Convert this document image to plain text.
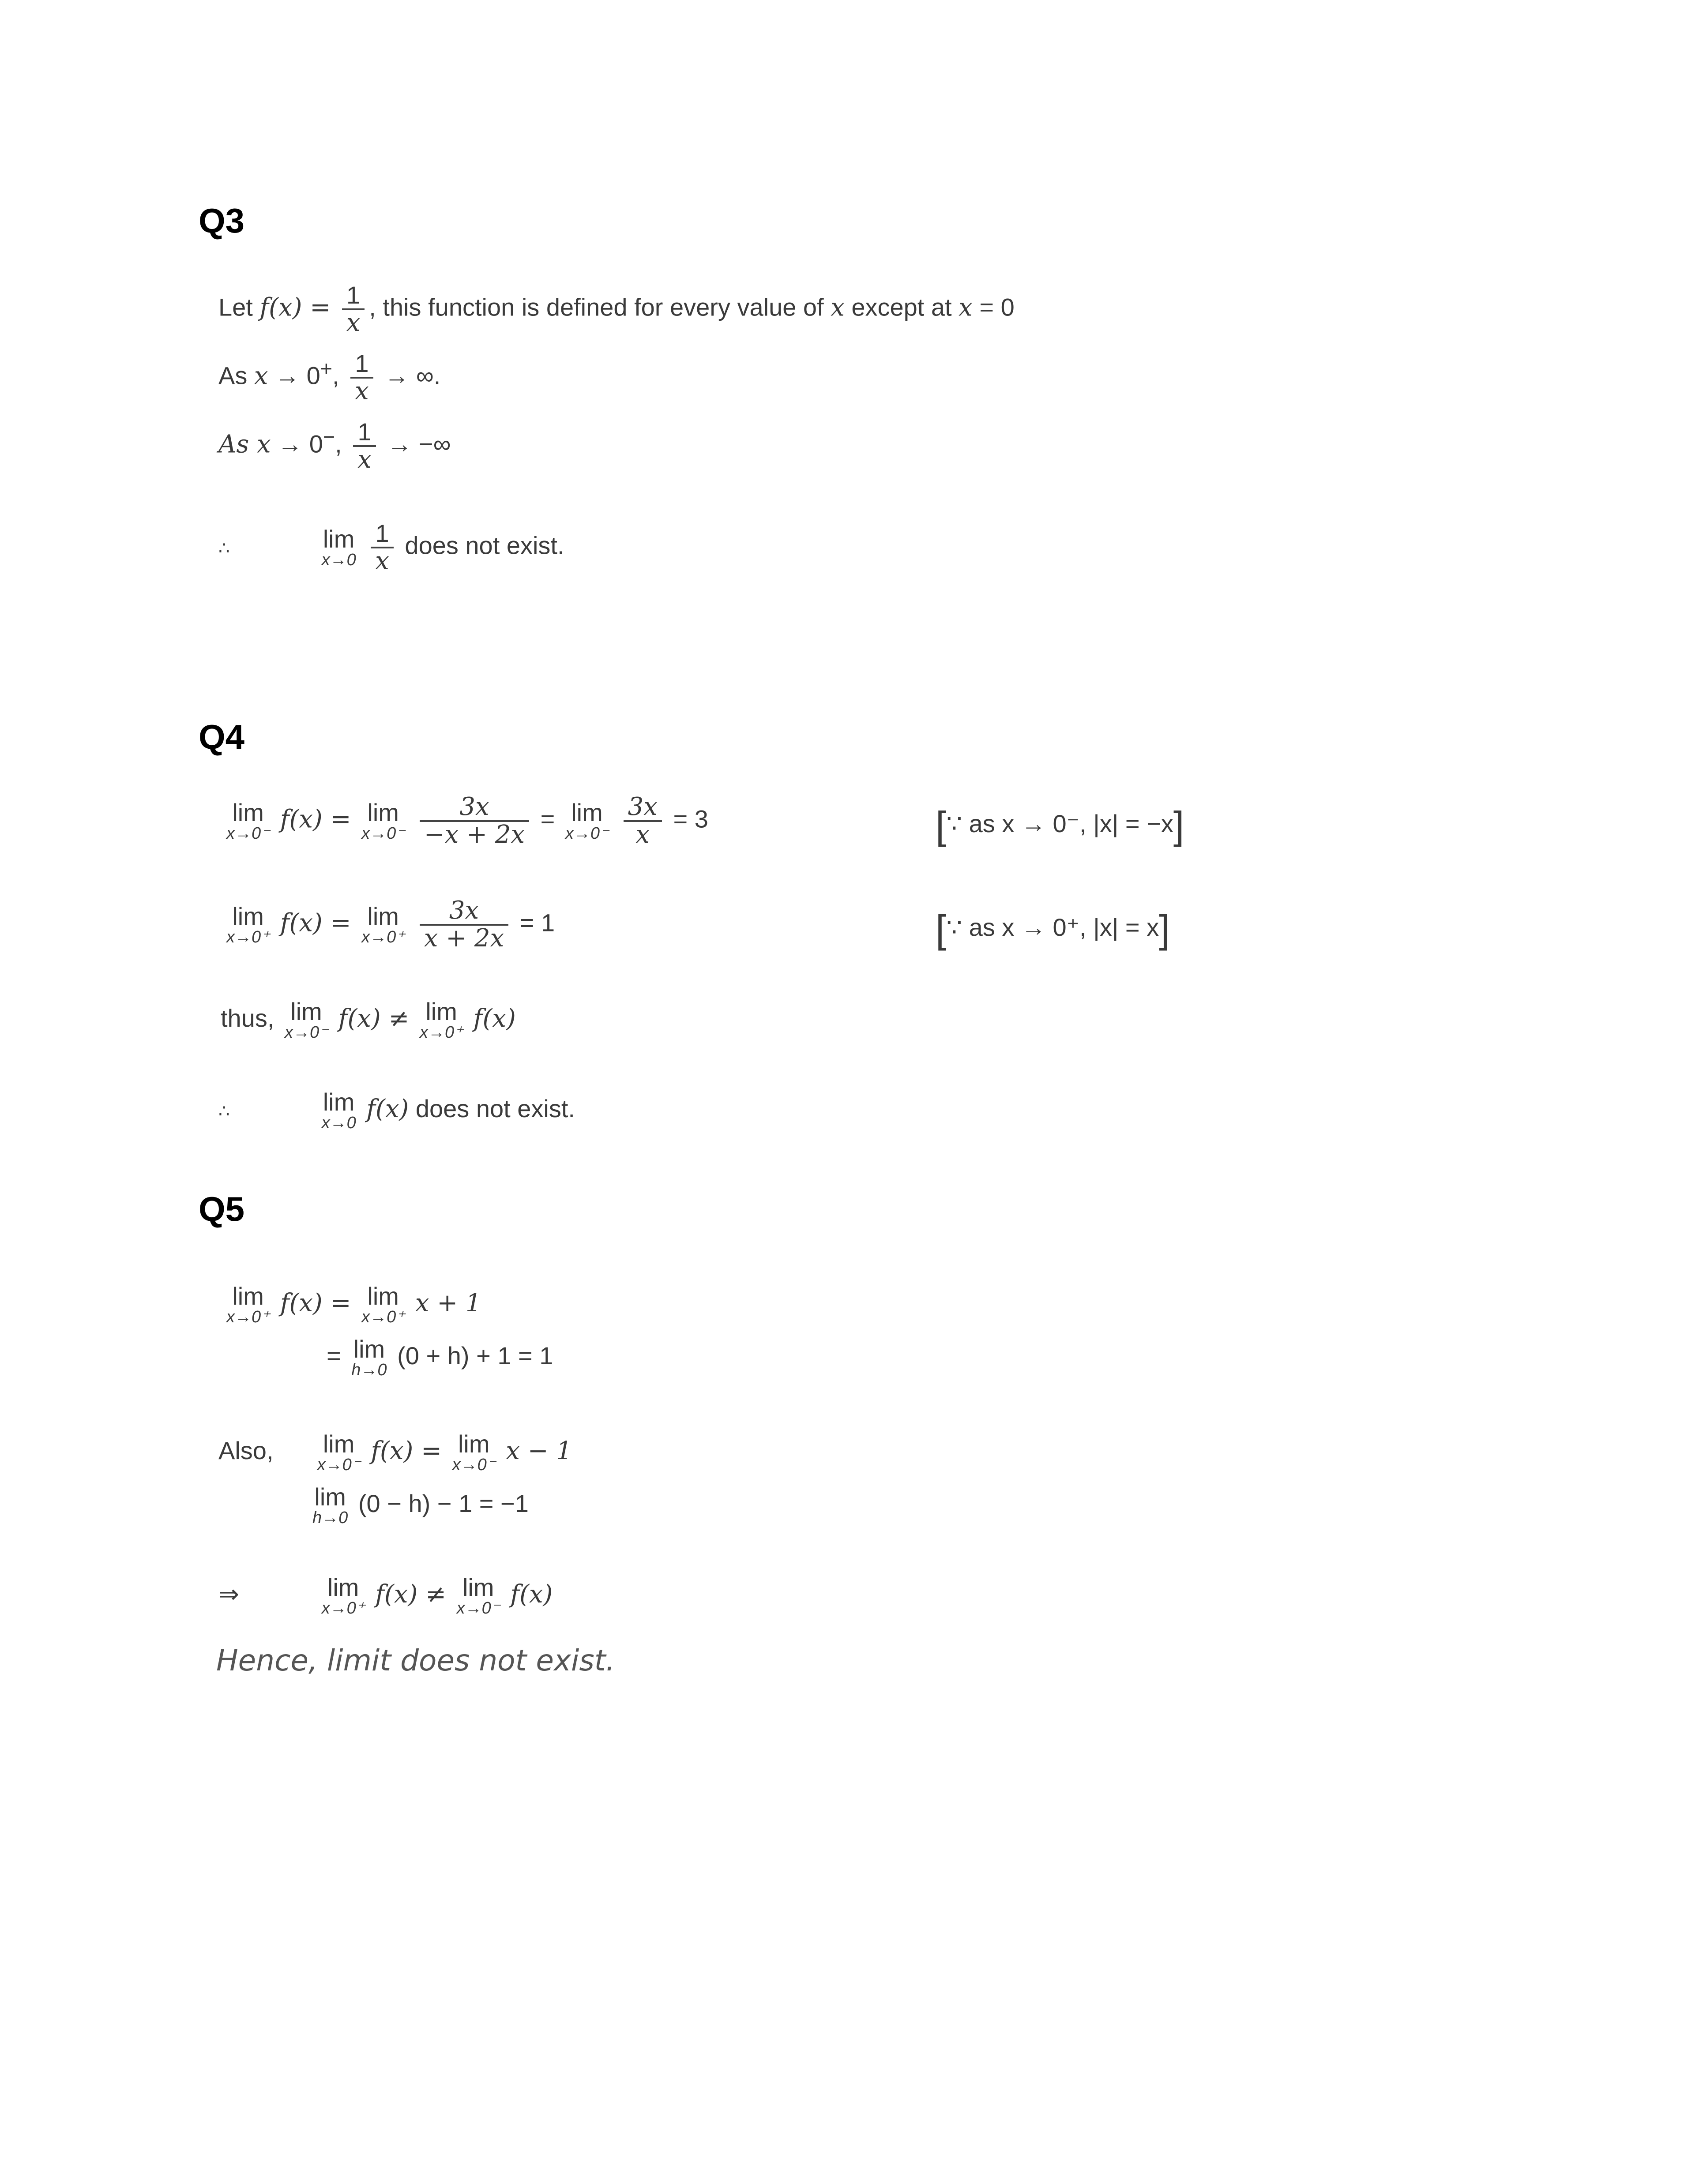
Q3
Let $f(x) = \frac{1}{x}$ , this function is defined for every value of x except at x = 0
As x → 0+, $\frac{1}{x}$ → ∞.
As x → 0−, $\frac{1}{x}$ → −∞
∴	lim
x→0
$\frac{1}{x}$ does not exist.
Q4
lim
x→0⁻ f(x) = lim
x→0⁻
$\frac{3x}{-x + 2x} = \lim$
x→0⁻
$\frac{3x}{x} = 3$	[∵ as x → 0⁻, |x| = −x]
lim
x→0⁺ f(x) = lim
x→0⁺
$\frac{3x}{x + 2x} = 1$	[∵ as x → 0⁺, |x| = x]
thus, lim
x→0⁻ f(x) ≠ lim
x→0⁺ f(x)
∴	lim
x→0 f(x) does not exist.
Q5
lim
x→0⁺ f(x) = lim
x→0⁺ x + 1
= lim
h→0
(0 + h) + 1 = 1
Also, lim
x→0⁻ f(x) = lim
x→0⁻ x − 1
lim
h→0
(0 − h) − 1 = −1
⇒	lim
x→0⁺ f(x) ≠ lim
x→0⁻ f(x)
Hence, limit does not exist.
